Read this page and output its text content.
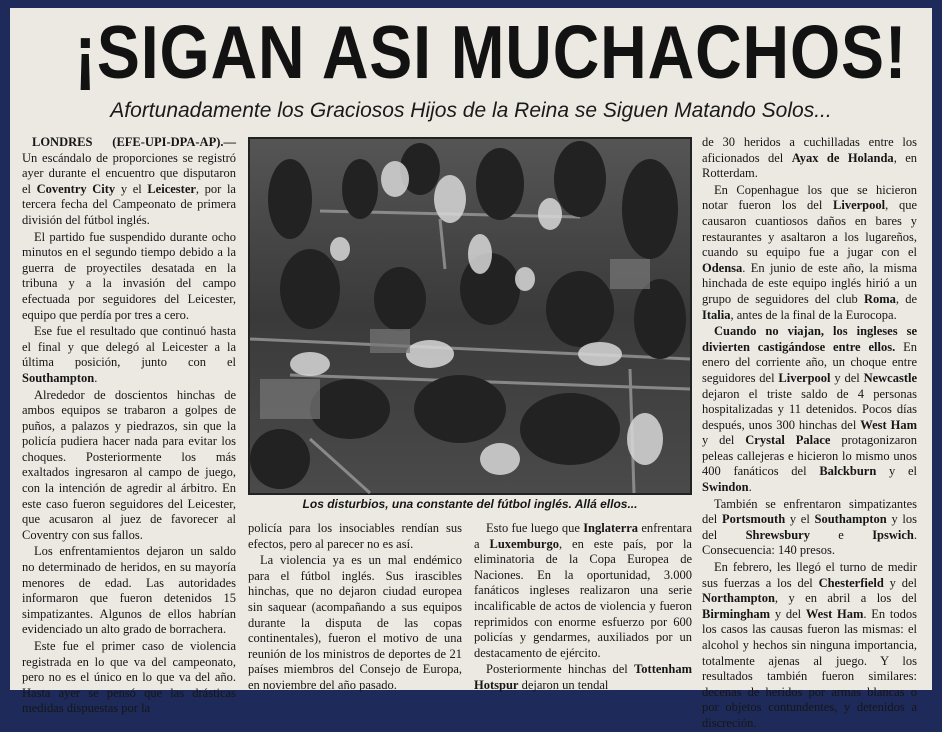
¡SIGAN ASI MUCHACHOS!
Afortunadamente los Graciosos Hijos de la Reina se Siguen Matando Solos...

LONDRES (EFE-UPI-DPA-AP).— Un escándalo de proporciones se registró ayer durante el encuentro que disputaron el Coventry City y el Leicester, por la tercera fecha del Campeonato de primera división del fútbol inglés.

El partido fue suspendido durante ocho minutos en el segundo tiempo debido a la guerra de proyectiles desatada en la tribuna y a la invasión del campo efectuada por seguidores del Leicester, equipo que perdía por tres a cero.

Ese fue el resultado que continuó hasta el final y que delegó al Leicester a la última posición, junto con el Southampton.

Alrededor de doscientos hinchas de ambos equipos se trabaron a golpes de puños, a palazos y piedrazos, sin que la policía pudiera hacer nada para evitar los choques. Posteriormente los más exaltados ingresaron al campo de juego, con la intención de agredir al árbitro. En este caso fueron seguidores del Leicester, que acusaron al juez de favorecer al Coventry con sus fallos.

Los enfrentamientos dejaron un saldo no determinado de heridos, en su mayoría menores de edad. Las autoridades informaron que fueron detenidos 15 simpatizantes. Algunos de ellos habrían evidenciado un alto grado de borrachera.

Este fue el primer caso de violencia registrada en lo que va del campeonato, pero no es el único en lo que va del año. Hasta ayer se pensó que las drásticas medidas dispuestas por la

Los disturbios, una constante del fútbol inglés. Allá ellos...

policía para los insociables rendían sus efectos, pero al parecer no es así.

La violencia ya es un mal endémico para el fútbol inglés. Sus irascibles hinchas, que no dejaron ciudad europea sin saquear (acompañando a sus equipos durante la disputa de las copas continentales), fueron el motivo de una reunión de los ministros de deportes de 21 países miembros del Consejo de Europa, en noviembre del año pasado.

Esto fue luego que Inglaterra enfrentara a Luxemburgo, en este país, por la eliminatoria de la Copa Europea de Naciones. En la oportunidad, 3.000 fanáticos ingleses realizaron una serie incalificable de actos de violencia y fueron reprimidos con enorme esfuerzo por 600 policías y gendarmes, auxiliados por un destacamento de ejército.

Posteriormente hinchas del Tottenham Hotspur dejaron un tendal

de 30 heridos a cuchilladas entre los aficionados del Ayax de Holanda, en Rotterdam.

En Copenhague los que se hicieron notar fueron los del Liverpool, que causaron cuantiosos daños en bares y restaurantes y asaltaron a los lugareños, cuando su equipo fue a jugar con el Odensa. En junio de este año, la misma hinchada de este equipo inglés hirió a un grupo de seguidores del club Roma, de Italia, antes de la final de la Eurocopa.

Cuando no viajan, los ingleses se divierten castigándose entre ellos. En enero del corriente año, un choque entre seguidores del Liverpool y del Newcastle dejaron el triste saldo de 4 personas hospitalizadas y 11 detenidos. Pocos días después, unos 300 hinchas del West Ham y del Crystal Palace protagonizaron peleas callejeras e hicieron lo mismo unos 400 fanáticos del Balckburn y el Swindon.

También se enfrentaron simpatizantes del Portsmouth y el Southampton y los del Shrewsbury e Ipswich. Consecuencia: 140 presos.

En febrero, les llegó el turno de medir sus fuerzas a los del Chesterfield y del Northampton, y en abril a los del Birmingham y del West Ham. En todos los casos las causas fueron las mismas: el alcohol y hechos sin ninguna importancia, totalmente ajenas al juego. Y los resultados también fueron similares: decenas de heridos por armas blancas o por objetos contundentes, y detenidos a discreción.
